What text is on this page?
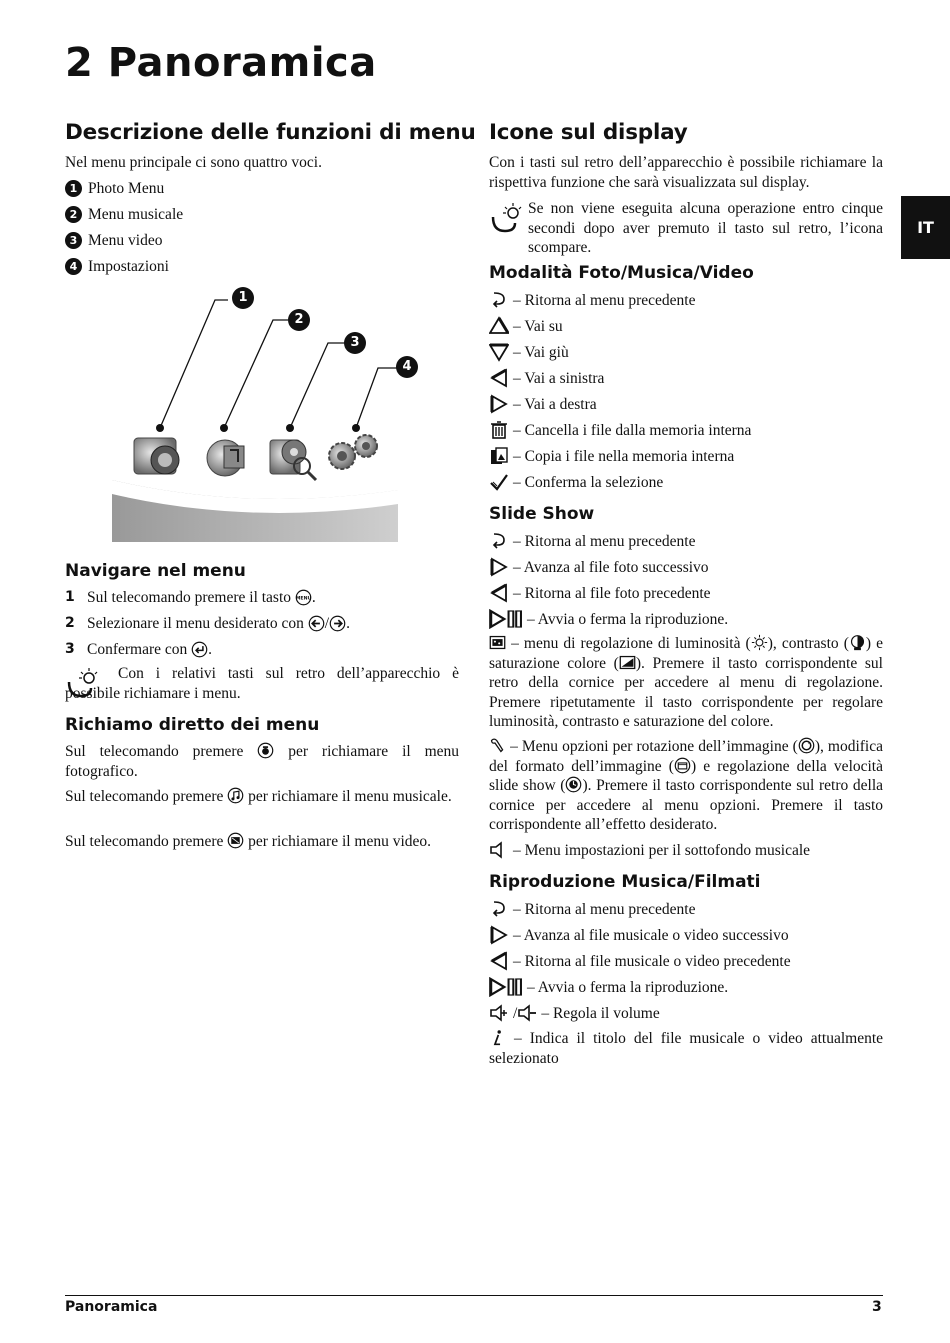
2 Panoramica
IT
Descrizione delle funzioni di menu

Nel menu principale ci sono quattro voci.

1 Photo Menu
2 Menu musicale
3 Menu video
4 Impostazioni
1
2
3
4
Navigare nel menu
1 Sul telecomando premere il tasto
MENU .
2 Selezionare il menu desiderato con
/ .
3 Confermare con
.

Con i relativi tasti sul retro dell’apparecchio è possibile richiamare i menu.

Richiamo diretto dei menu

Sul telecomando premere	per richiamare il menu fotografico.

Sul telecomando premere per richiamare il menu musicale.

Sul telecomando premere per richiamare il menu video.

Icone sul display

Con i tasti sul retro dell’apparecchio è possibile richiamare la rispettiva funzione che sarà visualizzata sul display.

Se non viene eseguita alcuna operazione entro cinque secondi dopo aver premuto il tasto sul retro, l’icona scompare.

Modalità Foto/Musica/Video
– Ritorna al menu precedente
– Vai su
– Vai giù
– Vai a sinistra
– Vai a destra
– Cancella i file dalla memoria interna
– Copia i file nella memoria interna
– Conferma la selezione
Slide Show
– Ritorna al menu precedente
– Avanza al file foto successivo
– Ritorna al file foto precedente
– Avvia o ferma la riproduzione.

– menu di regolazione di luminosità ( ), contrasto ( ) e saturazione colore ( ). Premere il tasto corrispondente sul retro della cornice per accedere al menu di regolazione. Premere ripetutamente il tasto corrispondente per regolare luminosità, contrasto e saturazione del colore.

– Menu opzioni per rotazione dell’immagine ( ), modifica del formato dell’immagine ( ) e regolazione della velocità slide show ( ). Premere il tasto corrispondente sul retro della cornice per accedere al menu opzioni. Premere il tasto corrispondente all’effetto desiderato.

– Menu impostazioni per il sottofondo musicale
Riproduzione Musica/Filmati
– Ritorna al menu precedente
– Avanza al file musicale o video successivo
– Ritorna al file musicale o video precedente
– Avvia o ferma la riproduzione.
/ – Regola il volume

– Indica il titolo del file musicale o video attualmente selezionato

Panoramica	3
